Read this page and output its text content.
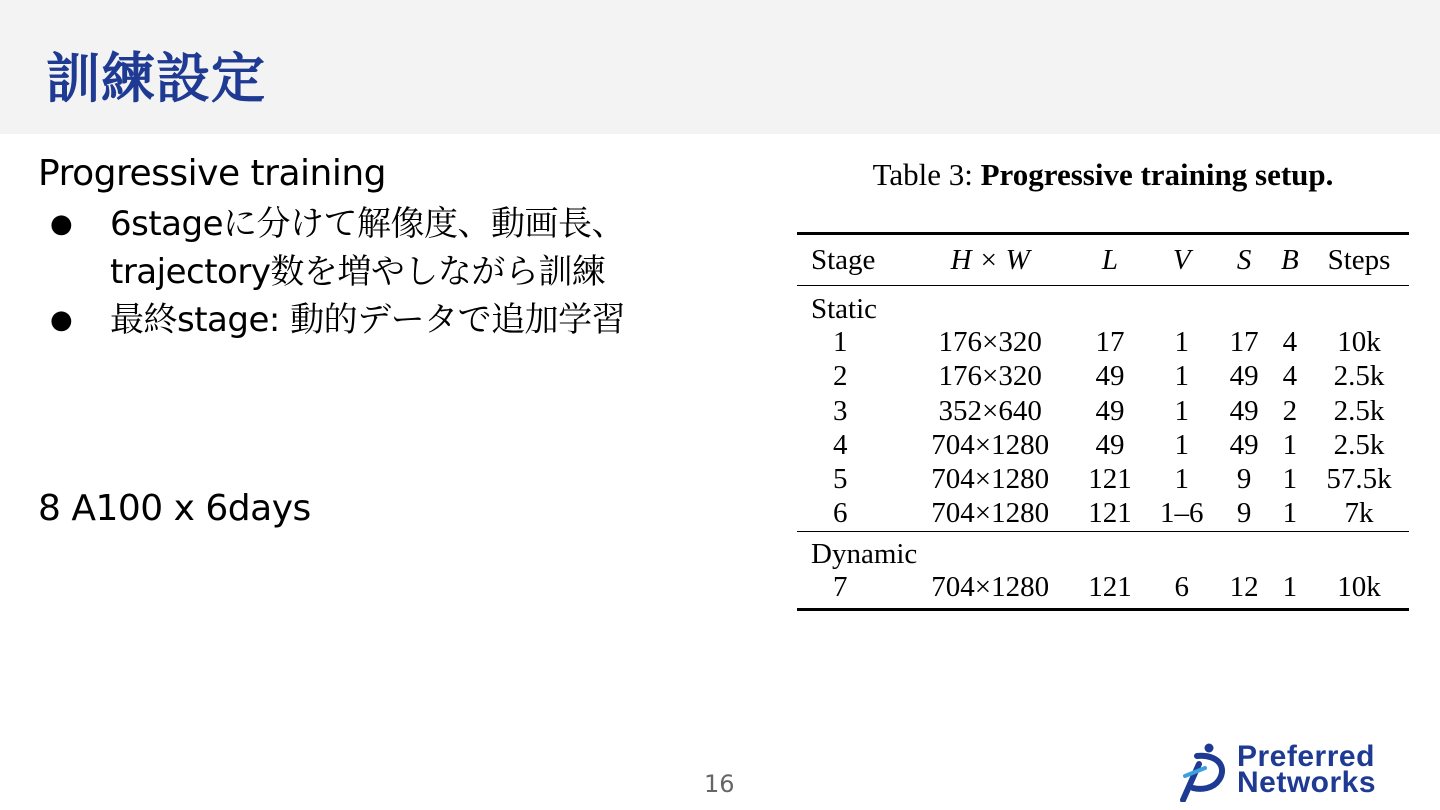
訓練設定
Progressive training
● 6stageに分けて解像度、動画長、trajectory数を増やしながら訓練
● 最終stage: 動的データで追加学習
8 A100 x 6days
Table 3: Progressive training setup.
Stage	H × W	L	V	S	B	Steps
Static						
1	176×320	17	1	17	4	10k
2	176×320	49	1	49	4	2.5k
3	352×640	49	1	49	2	2.5k
4	704×1280	49	1	49	1	2.5k
5	704×1280	121	1	9	1	57.5k
6	704×1280	121	1–6	9	1	7k
Dynamic						
7	704×1280	121	6	12	1	10k
16
Preferred
Networks
